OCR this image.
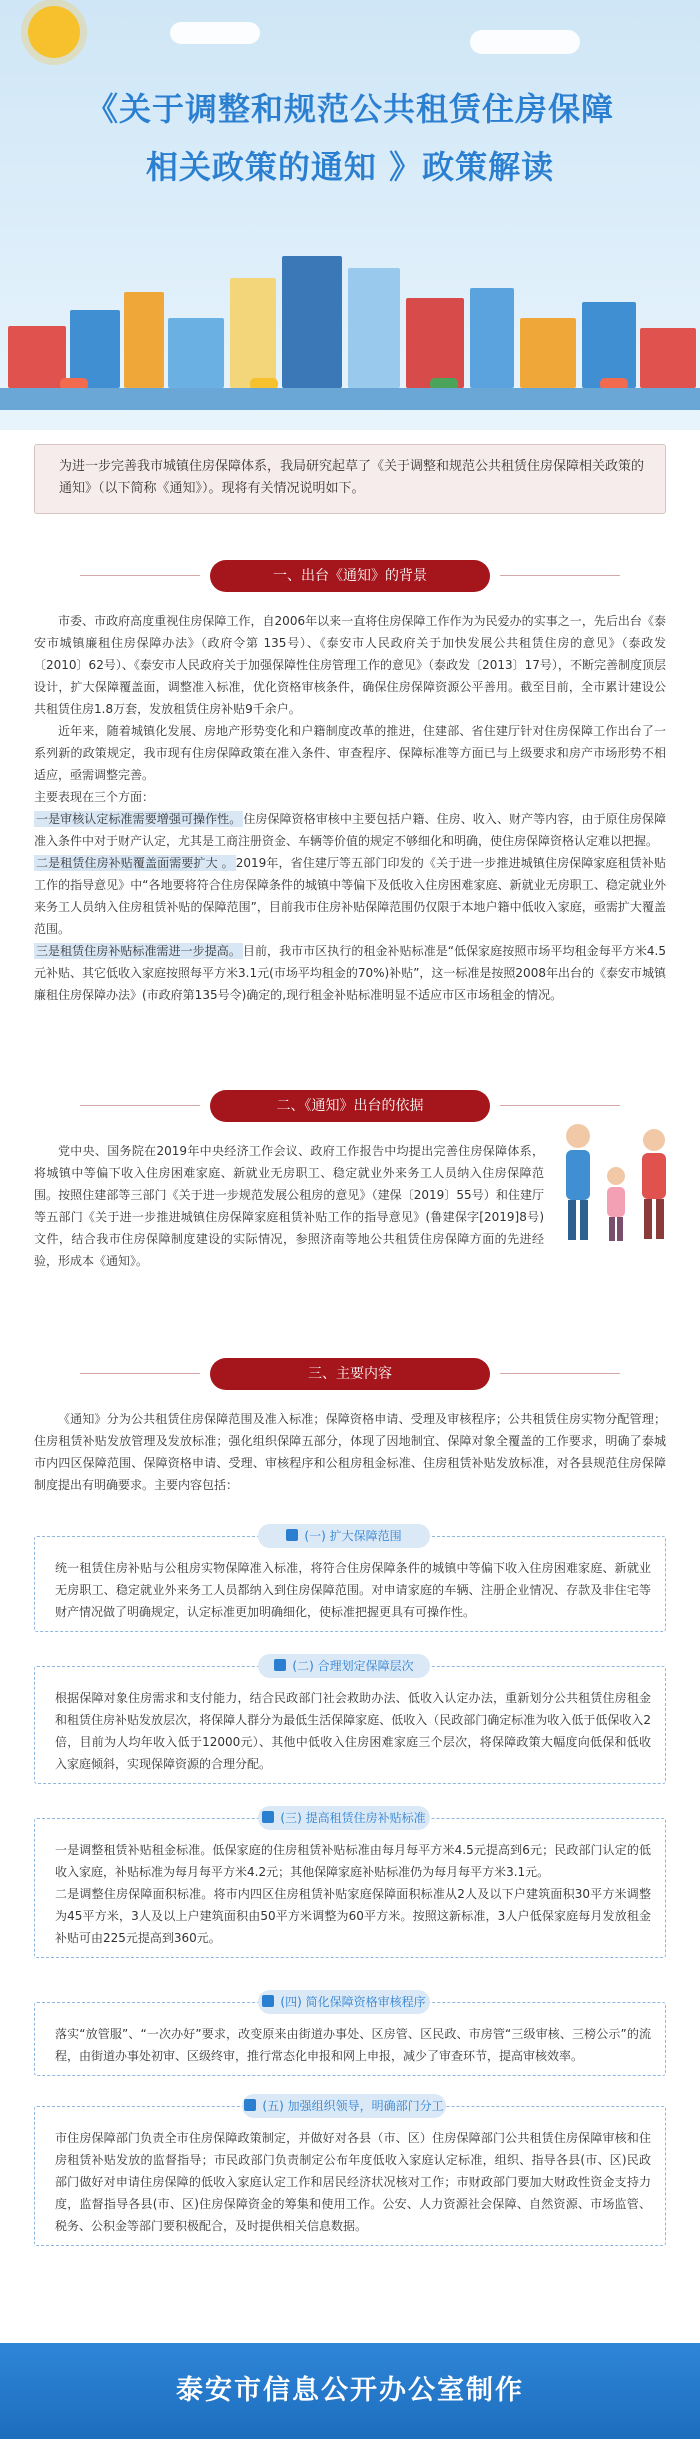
《关于调整和规范公共租赁住房保障
相关政策的通知 》政策解读
为进一步完善我市城镇住房保障体系，我局研究起草了《关于调整和规范公共租赁住房保障相关政策的通知》（以下简称《通知》）。现将有关情况说明如下。
一、出台《通知》的背景

市委、市政府高度重视住房保障工作，自2006年以来一直将住房保障工作作为为民爱办的实事之一，先后出台《泰安市城镇廉租住房保障办法》（政府令第 135号）、《泰安市人民政府关于加快发展公共租赁住房的意见》（泰政发〔2010〕62号）、《泰安市人民政府关于加强保障性住房管理工作的意见》（泰政发〔2013〕17号），不断完善制度顶层设计，扩大保障覆盖面，调整准入标准，优化资格审核条件，确保住房保障资源公平善用。截至目前，全市累计建设公共租赁住房1.8万套，发放租赁住房补贴9千余户。

近年来，随着城镇化发展、房地产形势变化和户籍制度改革的推进，住建部、省住建厅针对住房保障工作出台了一系列新的政策规定，我市现有住房保障政策在准入条件、审查程序、保障标准等方面已与上级要求和房产市场形势不相适应，亟需调整完善。

主要表现在三个方面：

一是审核认定标准需要增强可操作性。 住房保障资格审核中主要包括户籍、住房、收入、财产等内容，由于原住房保障准入条件中对于财产认定，尤其是工商注册资金、车辆等价值的规定不够细化和明确，使住房保障资格认定难以把握。

二是租赁住房补贴覆盖面需要扩大 。 2019年，省住建厅等五部门印发的《关于进一步推进城镇住房保障家庭租赁补贴工作的指导意见》中“各地要将符合住房保障条件的城镇中等偏下及低收入住房困难家庭、新就业无房职工、稳定就业外来务工人员纳入住房租赁补贴的保障范围”，目前我市住房补贴保障范围仍仅限于本地户籍中低收入家庭，亟需扩大覆盖范围。

三是租赁住房补贴标准需进一步提高。 目前，我市市区执行的租金补贴标准是“低保家庭按照市场平均租金每平方米4.5元补贴、其它低收入家庭按照每平方米3.1元(市场平均租金的70%)补贴”，这一标准是按照2008年出台的《泰安市城镇廉租住房保障办法》(市政府第135号令)确定的,现行租金补贴标准明显不适应市区市场租金的情况。

二、《通知》出台的依据

党中央、国务院在2019年中央经济工作会议、政府工作报告中均提出完善住房保障体系，将城镇中等偏下收入住房困难家庭、新就业无房职工、稳定就业外来务工人员纳入住房保障范围。按照住建部等三部门《关于进一步规范发展公租房的意见》（建保〔2019〕55号）和住建厅等五部门《关于进一步推进城镇住房保障家庭租赁补贴工作的指导意见》(鲁建保字[2019]8号)文件，结合我市住房保障制度建设的实际情况，参照济南等地公共租赁住房保障方面的先进经验，形成本《通知》。

三、主要内容

《通知》分为公共租赁住房保障范围及准入标准；保障资格申请、受理及审核程序；公共租赁住房实物分配管理；住房租赁补贴发放管理及发放标准；强化组织保障五部分，体现了因地制宜、保障对象全覆盖的工作要求，明确了泰城市内四区保障范围、保障资格申请、受理、审核程序和公租房租金标准、住房租赁补贴发放标准，对各县规范住房保障制度提出有明确要求。主要内容包括：

(一) 扩大保障范围

统一租赁住房补贴与公租房实物保障准入标准，将符合住房保障条件的城镇中等偏下收入住房困难家庭、新就业无房职工、稳定就业外来务工人员都纳入到住房保障范围。对申请家庭的车辆、注册企业情况、存款及非住宅等财产情况做了明确规定，认定标准更加明确细化，使标准把握更具有可操作性。

(二) 合理划定保障层次

根据保障对象住房需求和支付能力，结合民政部门社会救助办法、低收入认定办法，重新划分公共租赁住房租金和租赁住房补贴发放层次，将保障人群分为最低生活保障家庭、低收入（民政部门确定标准为收入低于低保收入2倍，目前为人均年收入低于12000元）、其他中低收入住房困难家庭三个层次，将保障政策大幅度向低保和低收入家庭倾斜，实现保障资源的合理分配。

(三) 提高租赁住房补贴标准

一是调整租赁补贴租金标准。低保家庭的住房租赁补贴标准由每月每平方米4.5元提高到6元；民政部门认定的低收入家庭，补贴标准为每月每平方米4.2元；其他保障家庭补贴标准仍为每月每平方米3.1元。

二是调整住房保障面积标准。将市内四区住房租赁补贴家庭保障面积标准从2人及以下户建筑面积30平方米调整为45平方米，3人及以上户建筑面积由50平方米调整为60平方米。按照这新标准，3人户低保家庭每月发放租金补贴可由225元提高到360元。

(四) 简化保障资格审核程序

落实“放管服”、“一次办好”要求，改变原来由街道办事处、区房管、区民政、市房管“三级审核、三榜公示”的流程，由街道办事处初审、区级终审，推行常态化申报和网上申报，减少了审查环节，提高审核效率。

(五) 加强组织领导，明确部门分工

市住房保障部门负责全市住房保障政策制定，并做好对各县（市、区）住房保障部门公共租赁住房保障审核和住房租赁补贴发放的监督指导；市民政部门负责制定公布年度低收入家庭认定标准，组织、指导各县(市、区)民政部门做好对申请住房保障的低收入家庭认定工作和居民经济状况核对工作；市财政部门要加大财政性资金支持力度，监督指导各县(市、区)住房保障资金的筹集和使用工作。公安、人力资源社会保障、自然资源、市场监管、税务、公积金等部门要积极配合，及时提供相关信息数据。

泰安市信息公开办公室制作
